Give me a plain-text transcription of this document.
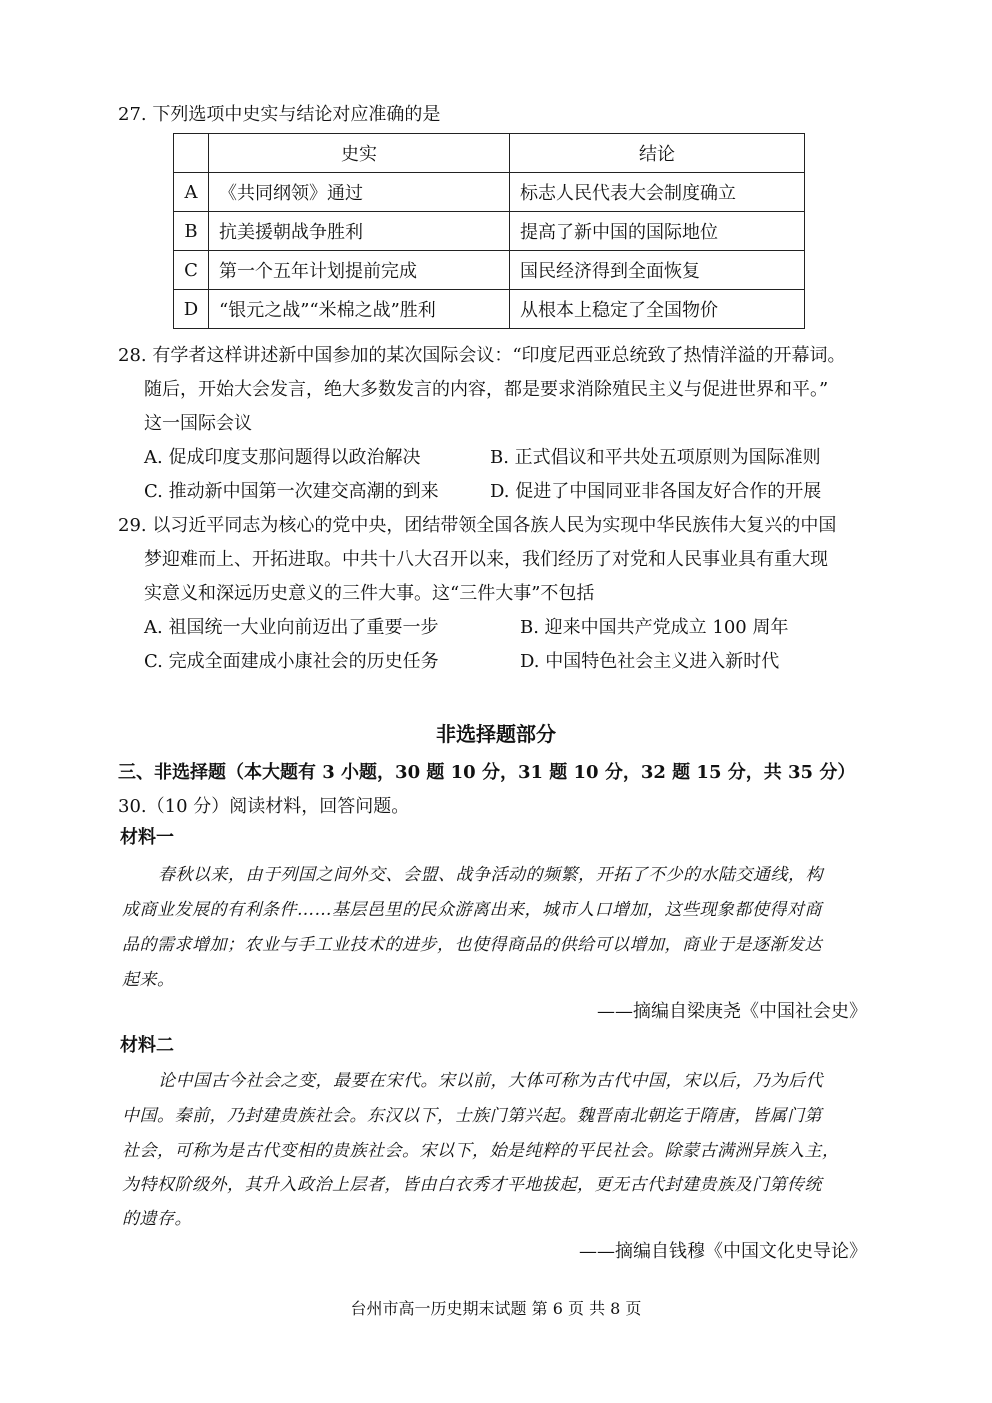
27. 下列选项中史实与结论对应准确的是
	史实	结论
A	《共同纲领》通过	标志人民代表大会制度确立
B	抗美援朝战争胜利	提高了新中国的国际地位
C	第一个五年计划提前完成	国民经济得到全面恢复
D	“银元之战”“米棉之战”胜利	从根本上稳定了全国物价
28. 有学者这样讲述新中国参加的某次国际会议：“印度尼西亚总统致了热情洋溢的开幕词。
随后，开始大会发言，绝大多数发言的内容，都是要求消除殖民主义与促进世界和平。”
这一国际会议
A. 促成印度支那问题得以政治解决	B. 正式倡议和平共处五项原则为国际准则
C. 推动新中国第一次建交高潮的到来	D. 促进了中国同亚非各国友好合作的开展
29. 以习近平同志为核心的党中央，团结带领全国各族人民为实现中华民族伟大复兴的中国
梦迎难而上、开拓进取。中共十八大召开以来，我们经历了对党和人民事业具有重大现
实意义和深远历史意义的三件大事。这“三件大事”不包括
A. 祖国统一大业向前迈出了重要一步	B. 迎来中国共产党成立 100 周年
C. 完成全面建成小康社会的历史任务	D. 中国特色社会主义进入新时代
非选择题部分
三、非选择题（本大题有 3 小题，30 题 10 分，31 题 10 分，32 题 15 分，共 35 分）
30.（10 分）阅读材料，回答问题。
材料一
春秋以来，由于列国之间外交、会盟、战争活动的频繁，开拓了不少的水陆交通线，构
成商业发展的有利条件……基层邑里的民众游离出来，城市人口增加，这些现象都使得对商
品的需求增加；农业与手工业技术的进步，也使得商品的供给可以增加，商业于是逐渐发达
起来。
——摘编自梁庚尧《中国社会史》
材料二
论中国古今社会之变，最要在宋代。宋以前，大体可称为古代中国，宋以后，乃为后代
中国。秦前，乃封建贵族社会。东汉以下，士族门第兴起。魏晋南北朝迄于隋唐，皆属门第
社会，可称为是古代变相的贵族社会。宋以下，始是纯粹的平民社会。除蒙古满洲异族入主，
为特权阶级外，其升入政治上层者，皆由白衣秀才平地拔起，更无古代封建贵族及门第传统
的遗存。
——摘编自钱穆《中国文化史导论》
台州市高一历史期末试题 第 6 页 共 8 页
